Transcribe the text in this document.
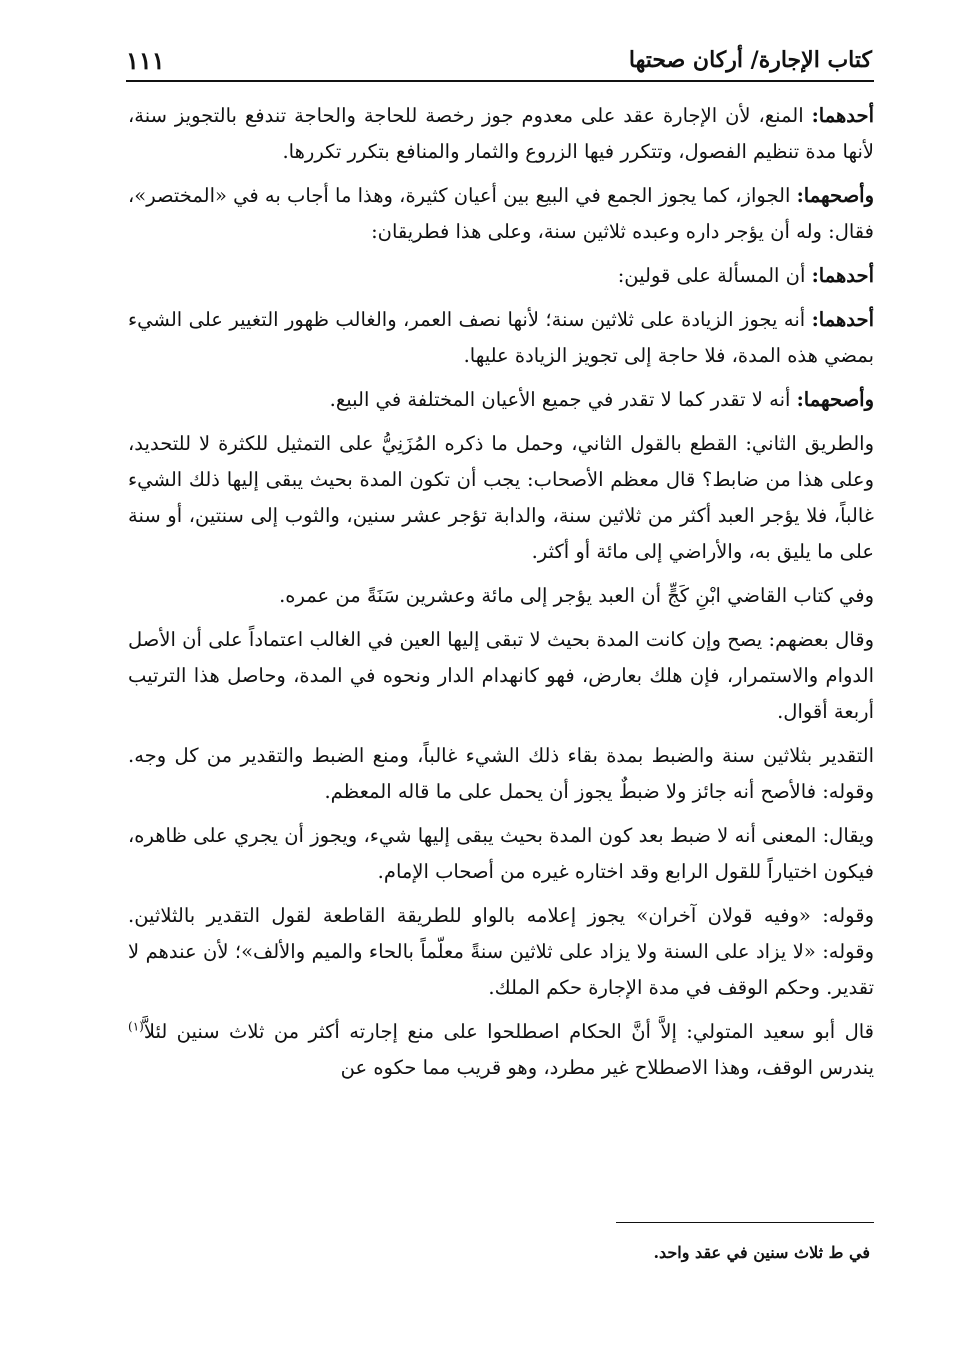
كتاب الإجارة/ أركان صحتها
١١١

أحدهما: المنع، لأن الإجارة عقد على معدوم جوز رخصة للحاجة والحاجة تندفع بالتجويز سنة، لأنها مدة تنظيم الفصول، وتتكرر فيها الزروع والثمار والمنافع بتكرر تكررها.

وأصحهما: الجواز، كما يجوز الجمع في البيع بين أعيان كثيرة، وهذا ما أجاب به في «المختصر»، فقال: وله أن يؤجر داره وعبده ثلاثين سنة، وعلى هذا فطريقان:

أحدهما: أن المسألة على قولين:

أحدهما: أنه يجوز الزيادة على ثلاثين سنة؛ لأنها نصف العمر، والغالب ظهور التغيير على الشيء بمضي هذه المدة، فلا حاجة إلى تجويز الزيادة عليها.

وأصحهما: أنه لا تقدر كما لا تقدر في جميع الأعيان المختلفة في البيع.

والطريق الثاني: القطع بالقول الثاني، وحمل ما ذكره المُزَنِيُّ على التمثيل للكثرة لا للتحديد، وعلى هذا من ضابط؟ قال معظم الأصحاب: يجب أن تكون المدة بحيث يبقى إليها ذلك الشيء غالباً، فلا يؤجر العبد أكثر من ثلاثين سنة، والدابة تؤجر عشر سنين، والثوب إلى سنتين، أو سنة على ما يليق به، والأراضي إلى مائة أو أكثر.

وفي كتاب القاضي ابْنِ كَجٍّ أن العبد يؤجر إلى مائة وعشرين سَنَةً من عمره.

وقال بعضهم: يصح وإن كانت المدة بحيث لا تبقى إليها العين في الغالب اعتماداً على أن الأصل الدوام والاستمرار، فإن هلك بعارض، فهو كانهدام الدار ونحوه في المدة، وحاصل هذا الترتيب أربعة أقوال.

التقدير بثلاثين سنة والضبط بمدة بقاء ذلك الشيء غالباً، ومنع الضبط والتقدير من كل وجه. وقوله: فالأصح أنه جائز ولا ضبطٌ يجوز أن يحمل على ما قاله المعظم.

ويقال: المعنى أنه لا ضبط بعد كون المدة بحيث يبقى إليها شيء، ويجوز أن يجري على ظاهره، فيكون اختياراً للقول الرابع وقد اختاره غيره من أصحاب الإمام.

وقوله: «وفيه قولان آخران» يجوز إعلامه بالواو للطريقة القاطعة لقول التقدير بالثلاثين. وقوله: «لا يزاد على السنة ولا يزاد على ثلاثين سنةً معلّماً بالحاء والميم والألف»؛ لأن عندهم لا تقدير. وحكم الوقف في مدة الإجارة حكم الملك.

قال أبو سعيد المتولي: إلاَّ أنَّ الحكام اصطلحوا على منع إجارته أكثر من ثلاث سنين لئلاَّ$^{(١)}$ يندرس الوقف، وهذا الاصطلاح غير مطرد، وهو قريب مما حكوه عن

في ط ثلاث سنين في عقد واحد.
